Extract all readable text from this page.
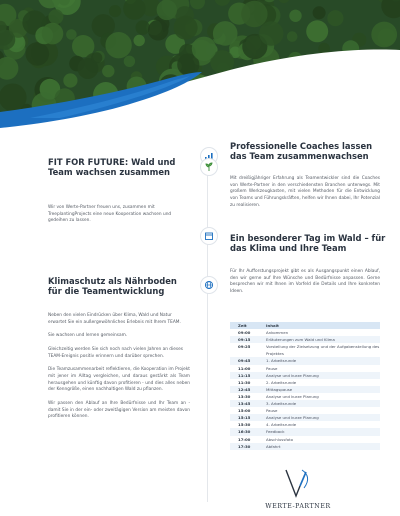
FIT FOR FUTURE: Wald und Team wachsen zusammen

Wir von Werte-Partner freuen uns, zusammen mit TreeplantingProjects eine neue Kooperation wachsen und gedeihen zu lassen.

Klimaschutz als Nährboden für die Teamentwicklung
Neben den vielen Eindrücken über Klima, Wald und Natur erwartet Sie ein außergewöhnliches Erlebnis mit Ihrem TEAM.
Sie wachsen und lernen gemeinsam.
Gleichzeitig werden Sie sich noch nach vielen Jahren an dieses TEAM-Ereignis positiv erinnern und darüber sprechen.
Die Teamzusammenarbeit reflektieren, die Kooperation im Projekt mit jener im Alltag vergleichen, und daraus gestärkt als Team herausgehen und künftig davon profitieren - und dies alles neben der Kenngröße, einen nachhaltigen Wald zu pflanzen.
Wir passen den Ablauf an Ihre Bedürfnisse und Ihr Team an - damit Sie in der ein- oder zweitägigen Version am meisten davon profitieren können.
Professionelle Coaches lassen das Team zusammenwachsen

Mit dreißigjähriger Erfahrung als Teamentwickler sind die Coaches von Werte-Partner in den verschiedensten Branchen unterwegs. Mit großem Werkzeugkasten, mit vielen Methoden für die Entwicklung von Teams und Führungskräften, helfen wir Ihnen dabei, Ihr Potenzial zu realisieren.

Ein besonderer Tag im Wald – für das Klima und Ihre Team

Für Ihr Aufforstungsprojekt gibt es als Ausgangspunkt einen Ablauf, den wir gerne auf Ihre Wünsche und Bedürfnisse anpassen. Gerne besprechen wir mit Ihnen im Vorfeld die Details und Ihre konkreten Ideen.

Zeit	Inhalt
09:00	Ankommen
09:15	Erläuterungen zum Wald und Klima
09:25	Vorstellung der Zielsetzung und der Aufgabenstellung des Projektes
09:45	1. Arbeitsrunde
11:00	Pause
11:15	Analyse und kurze Planung
11:30	2. Arbeitsrunde
12:45	Mittagspause
13:30	Analyse und kurze Planung
13:45	3. Arbeitsrunde
15:00	Pause
15:15	Analyse und kurze Planung
15:30	4. Arbeitsrunde
16:30	Feedback
17:00	Abschlussfoto
17:30	Abfahrt
WERTE-PARTNER
